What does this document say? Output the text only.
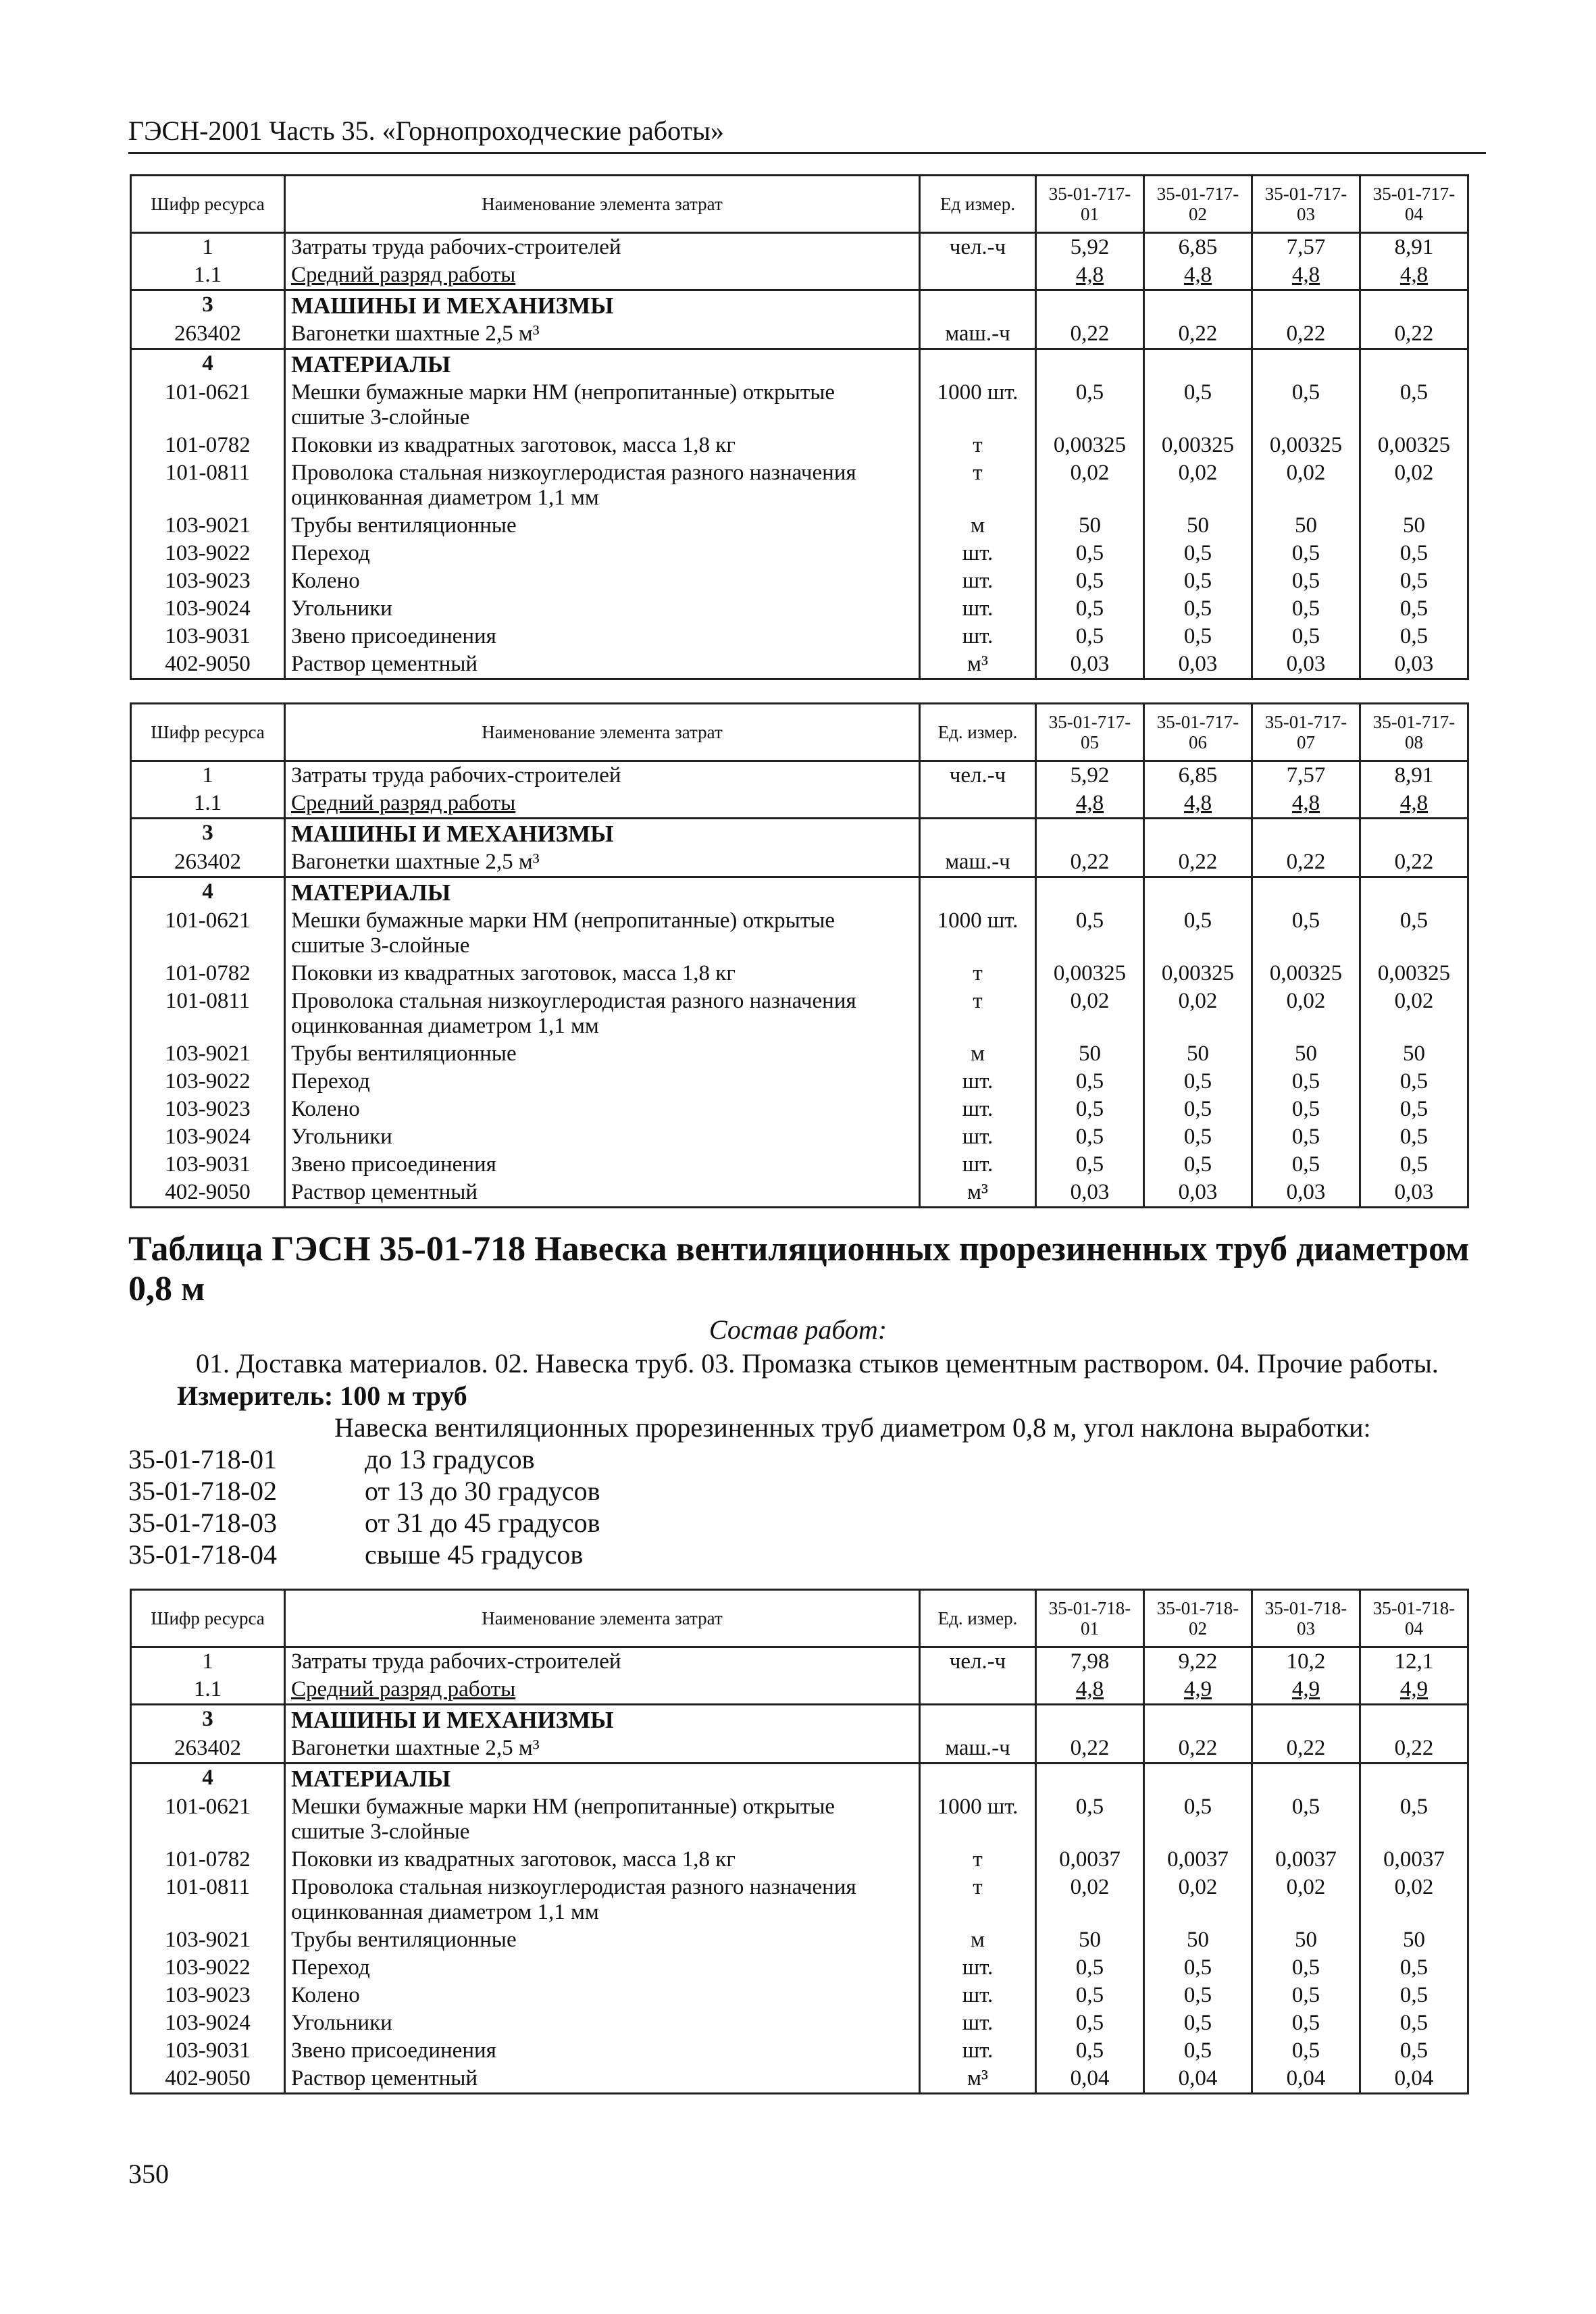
ГЭСН-2001 Часть 35. «Горнопроходческие работы»
Шифр ресурса	Наименование элемента затрат	Ед измер.	35-01-717-01	35-01-717-02	35-01-717-03	35-01-717-04
1	Затраты труда рабочих-строителей	чел.-ч	5,92	6,85	7,57	8,91
1.1	Средний разряд работы		4,8	4,8	4,8	4,8
3	МАШИНЫ И МЕХАНИЗМЫ					
263402	Вагонетки шахтные 2,5 м³	маш.-ч	0,22	0,22	0,22	0,22
4	МАТЕРИАЛЫ					
101-0621	Мешки бумажные марки НМ (непропитанные) открытые сшитые 3-слойные	1000 шт.	0,5	0,5	0,5	0,5
101-0782	Поковки из квадратных заготовок, масса 1,8 кг	т	0,00325	0,00325	0,00325	0,00325
101-0811	Проволока стальная низкоуглеродистая разного назначения оцинкованная диаметром 1,1 мм	т	0,02	0,02	0,02	0,02
103-9021	Трубы вентиляционные	м	50	50	50	50
103-9022	Переход	шт.	0,5	0,5	0,5	0,5
103-9023	Колено	шт.	0,5	0,5	0,5	0,5
103-9024	Угольники	шт.	0,5	0,5	0,5	0,5
103-9031	Звено присоединения	шт.	0,5	0,5	0,5	0,5
402-9050	Раствор цементный	м³	0,03	0,03	0,03	0,03
Шифр ресурса	Наименование элемента затрат	Ед. измер.	35-01-717-05	35-01-717-06	35-01-717-07	35-01-717-08
1	Затраты труда рабочих-строителей	чел.-ч	5,92	6,85	7,57	8,91
1.1	Средний разряд работы		4,8	4,8	4,8	4,8
3	МАШИНЫ И МЕХАНИЗМЫ					
263402	Вагонетки шахтные 2,5 м³	маш.-ч	0,22	0,22	0,22	0,22
4	МАТЕРИАЛЫ					
101-0621	Мешки бумажные марки НМ (непропитанные) открытые сшитые 3-слойные	1000 шт.	0,5	0,5	0,5	0,5
101-0782	Поковки из квадратных заготовок, масса 1,8 кг	т	0,00325	0,00325	0,00325	0,00325
101-0811	Проволока стальная низкоуглеродистая разного назначения оцинкованная диаметром 1,1 мм	т	0,02	0,02	0,02	0,02
103-9021	Трубы вентиляционные	м	50	50	50	50
103-9022	Переход	шт.	0,5	0,5	0,5	0,5
103-9023	Колено	шт.	0,5	0,5	0,5	0,5
103-9024	Угольники	шт.	0,5	0,5	0,5	0,5
103-9031	Звено присоединения	шт.	0,5	0,5	0,5	0,5
402-9050	Раствор цементный	м³	0,03	0,03	0,03	0,03
Таблица ГЭСН 35-01-718 Навеска вентиляционных прорезиненных труб диаметром 0,8 м
Состав работ:
01. Доставка материалов. 02. Навеска труб. 03. Промазка стыков цементным раствором. 04. Прочие работы.
Измеритель: 100 м труб
Навеска вентиляционных прорезиненных труб диаметром 0,8 м, угол наклона выработки:
35-01-718-01	до 13 градусов
35-01-718-02	от 13 до 30 градусов
35-01-718-03	от 31 до 45 градусов
35-01-718-04	свыше 45 градусов
Шифр ресурса	Наименование элемента затрат	Ед. измер.	35-01-718-01	35-01-718-02	35-01-718-03	35-01-718-04
1	Затраты труда рабочих-строителей	чел.-ч	7,98	9,22	10,2	12,1
1.1	Средний разряд работы		4,8	4,9	4,9	4,9
3	МАШИНЫ И МЕХАНИЗМЫ					
263402	Вагонетки шахтные 2,5 м³	маш.-ч	0,22	0,22	0,22	0,22
4	МАТЕРИАЛЫ					
101-0621	Мешки бумажные марки НМ (непропитанные) открытые сшитые 3-слойные	1000 шт.	0,5	0,5	0,5	0,5
101-0782	Поковки из квадратных заготовок, масса 1,8 кг	т	0,0037	0,0037	0,0037	0,0037
101-0811	Проволока стальная низкоуглеродистая разного назначения оцинкованная диаметром 1,1 мм	т	0,02	0,02	0,02	0,02
103-9021	Трубы вентиляционные	м	50	50	50	50
103-9022	Переход	шт.	0,5	0,5	0,5	0,5
103-9023	Колено	шт.	0,5	0,5	0,5	0,5
103-9024	Угольники	шт.	0,5	0,5	0,5	0,5
103-9031	Звено присоединения	шт.	0,5	0,5	0,5	0,5
402-9050	Раствор цементный	м³	0,04	0,04	0,04	0,04
350
